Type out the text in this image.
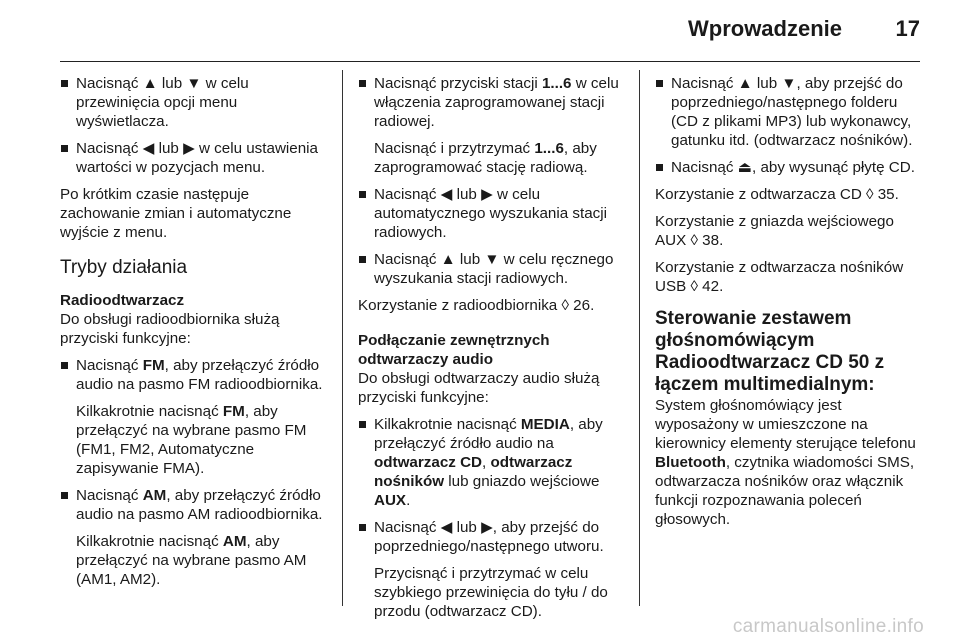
Wprowadzenie 17
Nacisnąć ▲ lub ▼ w celu przewinięcia opcji menu wyświetlacza.
Nacisnąć ◀ lub ▶ w celu ustawienia wartości w pozycjach menu.

Po krótkim czasie następuje zachowanie zmian i automatyczne wyjście z menu.

Tryby działania
Radioodtwarzacz

Do obsługi radioodbiornika służą przyciski funkcyjne:

Nacisnąć FM, aby przełączyć źródło audio na pasmo FM radioodbiornika.
Kilkakrotnie nacisnąć FM, aby przełączyć na wybrane pasmo FM (FM1, FM2, Automatyczne zapisywanie FMA).
Nacisnąć AM, aby przełączyć źródło audio na pasmo AM radioodbiornika.
Kilkakrotnie nacisnąć AM, aby przełączyć na wybrane pasmo AM (AM1, AM2).
Nacisnąć przyciski stacji 1...6 w celu włączenia zaprogramowanej stacji radiowej.
Nacisnąć i przytrzymać 1...6, aby zaprogramować stację radiową.
Nacisnąć ◀ lub ▶ w celu automatycznego wyszukania stacji radiowych.
Nacisnąć ▲ lub ▼ w celu ręcznego wyszukania stacji radiowych.

Korzystanie z radioodbiornika ◊ 26.

Podłączanie zewnętrznych odtwarzaczy audio

Do obsługi odtwarzaczy audio służą przyciski funkcyjne:

Kilkakrotnie nacisnąć MEDIA, aby przełączyć źródło audio na odtwarzacz CD, odtwarzacz nośników lub gniazdo wejściowe AUX.
Nacisnąć ◀ lub ▶, aby przejść do poprzedniego/następnego utworu.
Przycisnąć i przytrzymać w celu szybkiego przewinięcia do tyłu / do przodu (odtwarzacz CD).
Nacisnąć ▲ lub ▼, aby przejść do poprzedniego/następnego folderu (CD z plikami MP3) lub wykonawcy, gatunku itd. (odtwarzacz nośników).
Nacisnąć ⏏, aby wysunąć płytę CD.

Korzystanie z odtwarzacza CD ◊ 35.

Korzystanie z gniazda wejściowego AUX ◊ 38.

Korzystanie z odtwarzacza nośników USB ◊ 42.

Sterowanie zestawem głośnomówiącym Radioodtwarzacz CD 50 z łączem multimedialnym:

System głośnomówiący jest wyposażony w umieszczone na kierownicy elementy sterujące telefonu Bluetooth, czytnika wiadomości SMS, odtwarzacza nośników oraz włącznik funkcji rozpoznawania poleceń głosowych.

carmanualsonline.info
